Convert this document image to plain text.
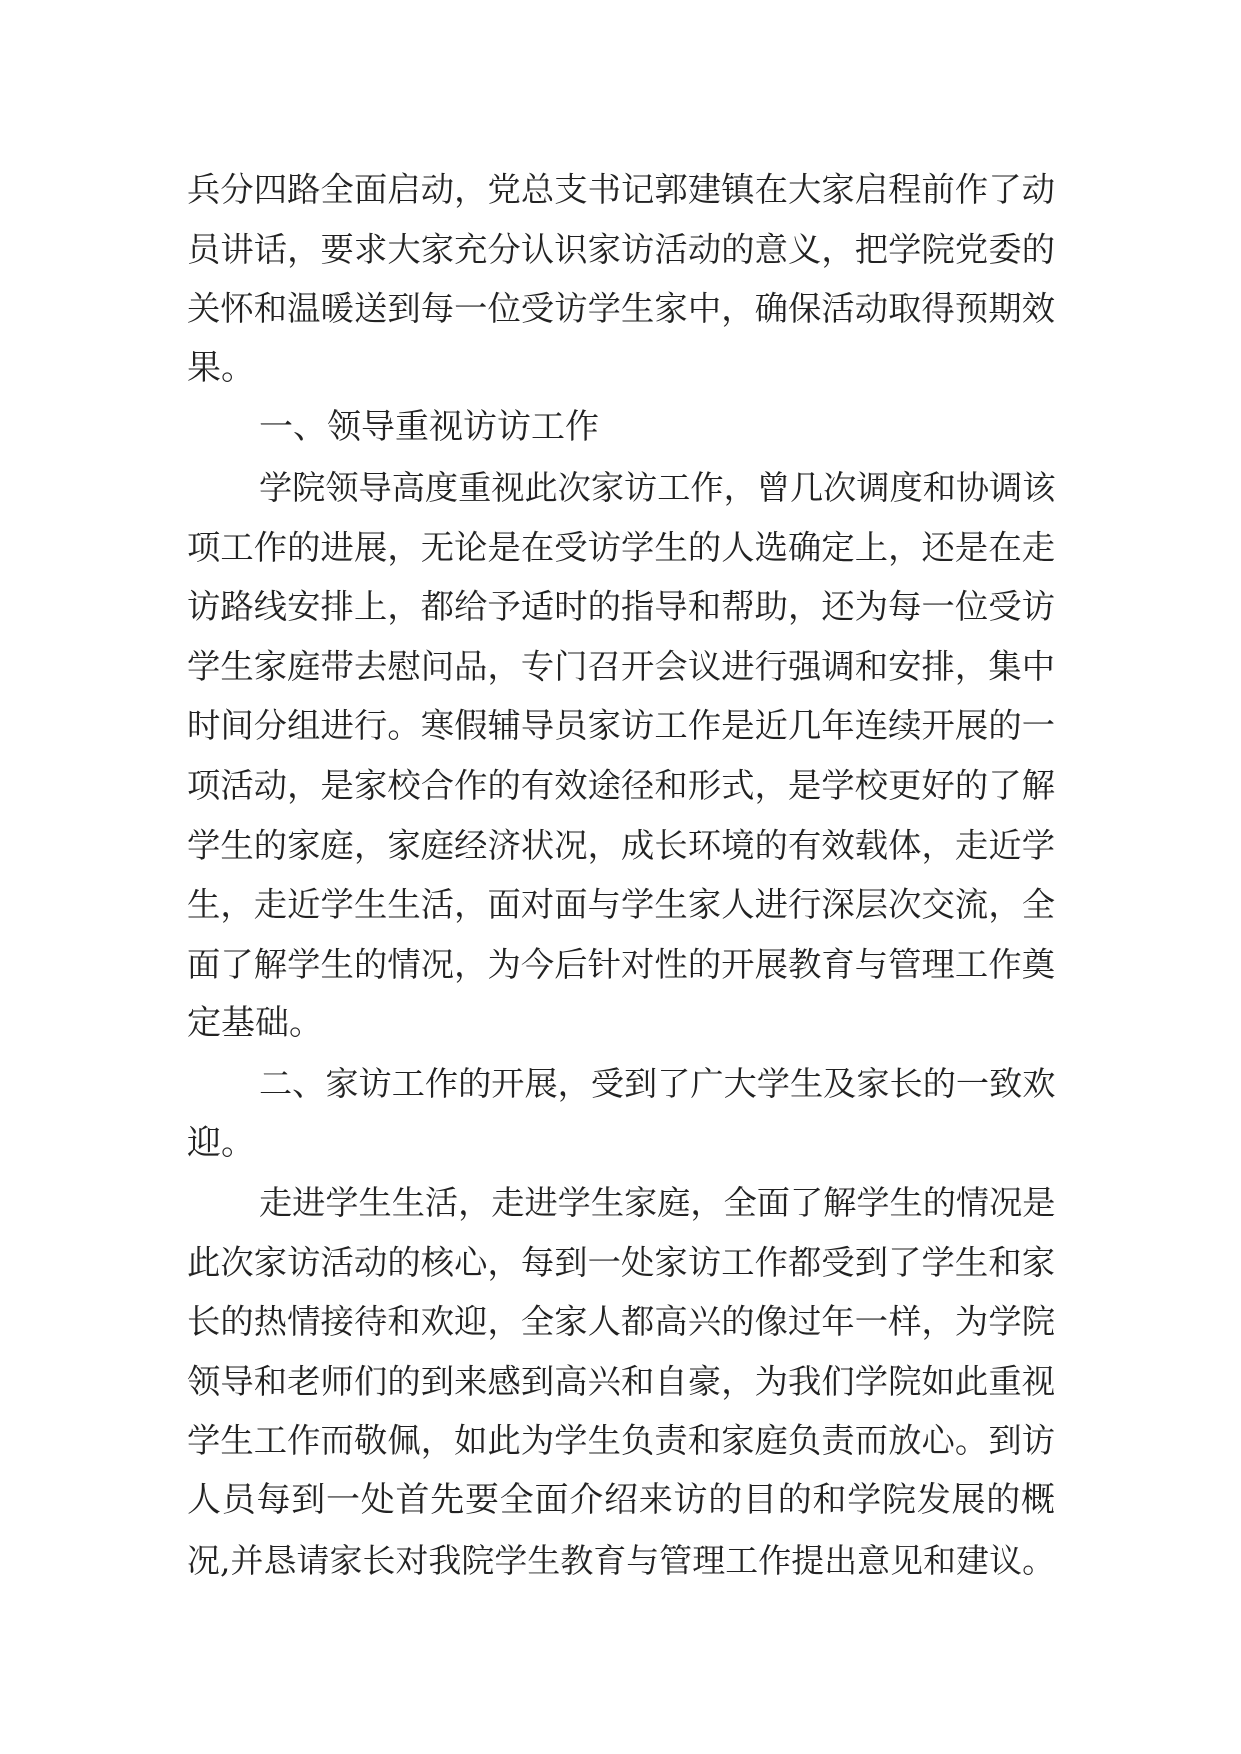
兵分四路全面启动，党总支书记郭建镇在大家启程前作了动
员讲话，要求大家充分认识家访活动的意义，把学院党委的
关怀和温暖送到每一位受访学生家中，确保活动取得预期效
果。
一、领导重视访访工作
学院领导高度重视此次家访工作，曾几次调度和协调该
项工作的进展，无论是在受访学生的人选确定上，还是在走
访路线安排上，都给予适时的指导和帮助，还为每一位受访
学生家庭带去慰问品，专门召开会议进行强调和安排，集中
时间分组进行。寒假辅导员家访工作是近几年连续开展的一
项活动，是家校合作的有效途径和形式，是学校更好的了解
学生的家庭，家庭经济状况，成长环境的有效载体，走近学
生，走近学生生活，面对面与学生家人进行深层次交流，全
面了解学生的情况，为今后针对性的开展教育与管理工作奠
定基础。
二、家访工作的开展，受到了广大学生及家长的一致欢
迎。
走进学生生活，走进学生家庭，全面了解学生的情况是
此次家访活动的核心，每到一处家访工作都受到了学生和家
长的热情接待和欢迎，全家人都高兴的像过年一样，为学院
领导和老师们的到来感到高兴和自豪，为我们学院如此重视
学生工作而敬佩，如此为学生负责和家庭负责而放心。到访
人员每到一处首先要全面介绍来访的目的和学院发展的概
况,并恳请家长对我院学生教育与管理工作提出意见和建议。
